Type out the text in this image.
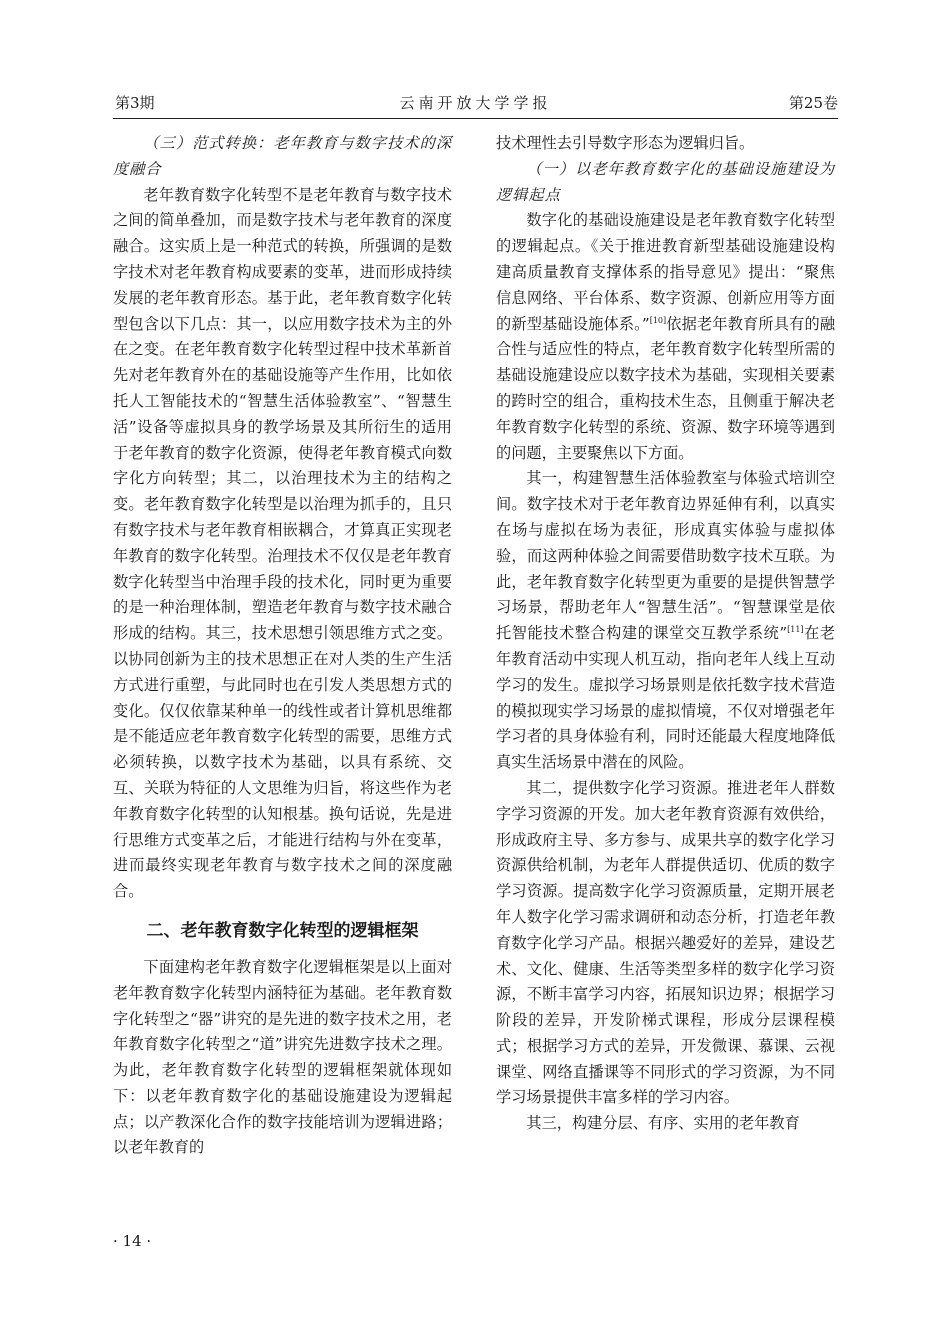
第3期	云南开放大学学报	第25卷
（三）范式转换：老年教育与数字技术的深度融合

老年教育数字化转型不是老年教育与数字技术之间的简单叠加，而是数字技术与老年教育的深度融合。这实质上是一种范式的转换，所强调的是数字技术对老年教育构成要素的变革，进而形成持续发展的老年教育形态。基于此，老年教育数字化转型包含以下几点：其一，以应用数字技术为主的外在之变。在老年教育数字化转型过程中技术革新首先对老年教育外在的基础设施等产生作用，比如依托人工智能技术的“智慧生活体验教室”、“智慧生活”设备等虚拟具身的教学场景及其所衍生的适用于老年教育的数字化资源，使得老年教育模式向数字化方向转型；其二，以治理技术为主的结构之变。老年教育数字化转型是以治理为抓手的，且只有数字技术与老年教育相嵌耦合，才算真正实现老年教育的数字化转型。治理技术不仅仅是老年教育数字化转型当中治理手段的技术化，同时更为重要的是一种治理体制，塑造老年教育与数字技术融合形成的结构。其三，技术思想引领思维方式之变。以协同创新为主的技术思想正在对人类的生产生活方式进行重塑，与此同时也在引发人类思想方式的变化。仅仅依靠某种单一的线性或者计算机思维都是不能适应老年教育数字化转型的需要，思维方式必须转换，以数字技术为基础，以具有系统、交互、关联为特征的人文思维为归旨，将这些作为老年教育数字化转型的认知根基。换句话说，先是进行思维方式变革之后，才能进行结构与外在变革，进而最终实现老年教育与数字技术之间的深度融合。

二、老年教育数字化转型的逻辑框架

下面建构老年教育数字化逻辑框架是以上面对老年教育数字化转型内涵特征为基础。老年教育数字化转型之“器”讲究的是先进的数字技术之用，老年教育数字化转型之“道”讲究先进数字技术之理。为此，老年教育数字化转型的逻辑框架就体现如下：以老年教育数字化的基础设施建设为逻辑起点；以产教深化合作的数字技能培训为逻辑进路；以老年教育的

技术理性去引导数字形态为逻辑归旨。

（一）以老年教育数字化的基础设施建设为逻辑起点

数字化的基础设施建设是老年教育数字化转型的逻辑起点。《关于推进教育新型基础设施建设构建高质量教育支撑体系的指导意见》提出：“聚焦信息网络、平台体系、数字资源、创新应用等方面的新型基础设施体系。”[10]依据老年教育所具有的融合性与适应性的特点，老年教育数字化转型所需的基础设施建设应以数字技术为基础，实现相关要素的跨时空的组合，重构技术生态，且侧重于解决老年教育数字化转型的系统、资源、数字环境等遇到的问题，主要聚焦以下方面。

其一，构建智慧生活体验教室与体验式培训空间。数字技术对于老年教育边界延伸有利，以真实在场与虚拟在场为表征，形成真实体验与虚拟体验，而这两种体验之间需要借助数字技术互联。为此，老年教育数字化转型更为重要的是提供智慧学习场景，帮助老年人“智慧生活”。“智慧课堂是依托智能技术整合构建的课堂交互教学系统”[11]在老年教育活动中实现人机互动，指向老年人线上互动学习的发生。虚拟学习场景则是依托数字技术营造的模拟现实学习场景的虚拟情境，不仅对增强老年学习者的具身体验有利，同时还能最大程度地降低真实生活场景中潜在的风险。

其二，提供数字化学习资源。推进老年人群数字学习资源的开发。加大老年教育资源有效供给，形成政府主导、多方参与、成果共享的数字化学习资源供给机制，为老年人群提供适切、优质的数字学习资源。提高数字化学习资源质量，定期开展老年人数字化学习需求调研和动态分析，打造老年教育数字化学习产品。根据兴趣爱好的差异，建设艺术、文化、健康、生活等类型多样的数字化学习资源，不断丰富学习内容，拓展知识边界；根据学习阶段的差异，开发阶梯式课程，形成分层课程模式；根据学习方式的差异，开发微课、慕课、云视课堂、网络直播课等不同形式的学习资源，为不同学习场景提供丰富多样的学习内容。

其三，构建分层、有序、实用的老年教育

· 14 ·
